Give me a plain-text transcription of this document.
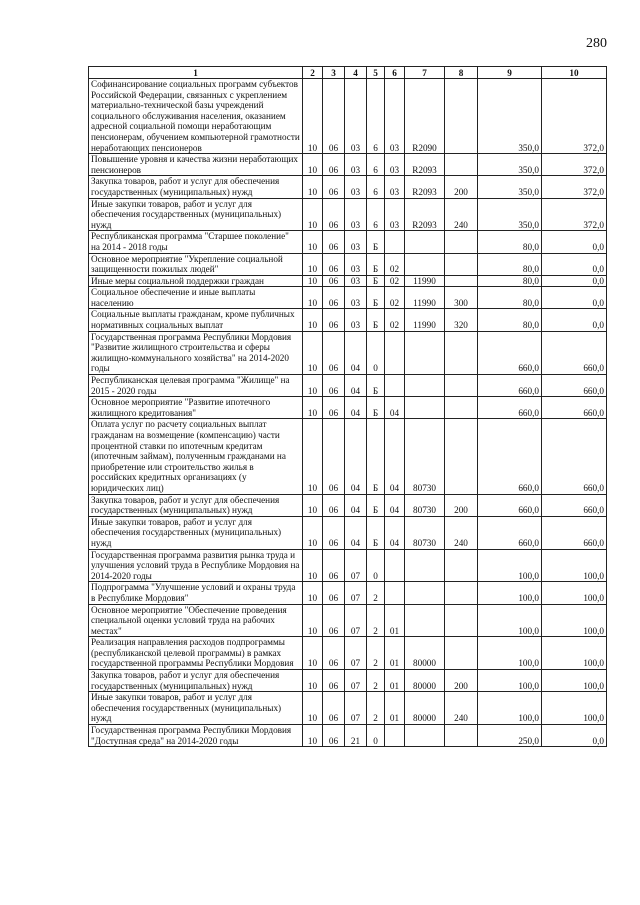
280
1	2	3	4	5	6	7	8	9	10
Софинансирование социальных программ субъектов Российской Федерации, связанных с укреплением материально-технической базы учреждений социального обслуживания населения, оказанием адресной социальной помощи неработающим пенсионерам, обучением компьютерной грамотности неработающих пенсионеров	10	06	03	6	03	R2090		350,0	372,0
Повышение уровня и качества жизни неработающих пенсионеров	10	06	03	6	03	R2093		350,0	372,0
Закупка товаров, работ и услуг для обеспечения государственных (муниципальных) нужд	10	06	03	6	03	R2093	200	350,0	372,0
Иные закупки товаров, работ и услуг для обеспечения государственных (муниципальных) нужд	10	06	03	6	03	R2093	240	350,0	372,0
Республиканская программа "Старшее поколение" на 2014 - 2018 годы	10	06	03	Б				80,0	0,0
Основное мероприятие "Укрепление социальной защищенности пожилых людей"	10	06	03	Б	02			80,0	0,0
Иные меры социальной поддержки граждан	10	06	03	Б	02	11990		80,0	0,0
Социальное обеспечение и иные выплаты населению	10	06	03	Б	02	11990	300	80,0	0,0
Социальные выплаты гражданам, кроме публичных нормативных социальных выплат	10	06	03	Б	02	11990	320	80,0	0,0
Государственная программа Республики Мордовия "Развитие жилищного строительства и сферы жилищно-коммунального хозяйства" на 2014-2020 годы	10	06	04	0				660,0	660,0
Республиканская целевая программа "Жилище" на 2015 - 2020 годы	10	06	04	Б				660,0	660,0
Основное мероприятие "Развитие ипотечного жилищного кредитования"	10	06	04	Б	04			660,0	660,0
Оплата услуг по расчету социальных выплат гражданам на возмещение (компенсацию) части процентной ставки по ипотечным кредитам (ипотечным займам), полученным гражданами на приобретение или строительство жилья в российских кредитных организациях (у юридических лиц)	10	06	04	Б	04	80730		660,0	660,0
Закупка товаров, работ и услуг для обеспечения государственных (муниципальных) нужд	10	06	04	Б	04	80730	200	660,0	660,0
Иные закупки товаров, работ и услуг для обеспечения государственных (муниципальных) нужд	10	06	04	Б	04	80730	240	660,0	660,0
Государственная программа развития рынка труда и улучшения условий труда в Республике Мордовия на 2014-2020 годы	10	06	07	0				100,0	100,0
Подпрограмма "Улучшение условий и охраны труда в Республике Мордовия"	10	06	07	2				100,0	100,0
Основное мероприятие "Обеспечение проведения специальной оценки условий труда на рабочих местах"	10	06	07	2	01			100,0	100,0
Реализация направления расходов подпрограммы (республиканской целевой программы) в рамках государственной программы Республики Мордовия	10	06	07	2	01	80000		100,0	100,0
Закупка товаров, работ и услуг для обеспечения государственных (муниципальных) нужд	10	06	07	2	01	80000	200	100,0	100,0
Иные закупки товаров, работ и услуг для обеспечения государственных (муниципальных) нужд	10	06	07	2	01	80000	240	100,0	100,0
Государственная программа Республики Мордовия "Доступная среда" на 2014-2020 годы	10	06	21	0				250,0	0,0
